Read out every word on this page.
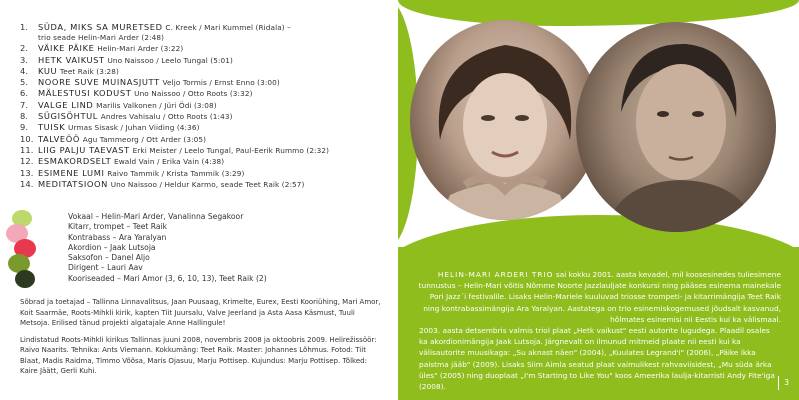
1.	SÜDA, MIKS SA MURETSED C. Kreek / Mari Kummel (Ridala) –
trio seade Helin-Mari Arder (2:48)
2.	VÄIKE PÄIKE Helin-Mari Arder (3:22)
3.	HETK VAIKUST Uno Naissoo / Leelo Tungal (5:01)
4.	KUU Teet Raik (3:28)
5.	NOORE SUVE MUINASJUTT Veljo Tormis / Ernst Enno (3:00)
6.	MÄLESTUSI KODUST Uno Naissoo / Otto Roots (3:32)
7.	VALGE LIND Marilis Valkonen / Jüri Ödi (3:08)
8.	SÜGISÖHTUL Andres Vahisalu / Otto Roots (1:43)
9.	TUISK Urmas Sisask / Juhan Viiding (4:36)
10. TALVEÖÖ Agu Tammeorg / Ott Arder (3:05)
11. LIIG PALJU TAEVAST Erki Meister / Leelo Tungal, Paul-Eerik Rummo (2:32)
12. ESMAKORDSELT Ewald Vain / Erika Vain (4:38)
13. ESIMENE LUMI Raivo Tammik / Krista Tammik (3:29)
14. MEDITATSIOON Uno Naissoo / Heldur Karmo, seade Teet Raik (2:57)
Vokaal – Helin-Mari Arder, Vanalinna Segakoor
Kitarr, trompet – Teet Raik
Kontrabass – Ara Yaralyan
Akordion – Jaak Lutsoja
Saksofon – Danel Aljo
Dirigent – Lauri Aav
Kooriseaded – Mari Amor (3, 6, 10, 13), Teet Raik (2)

Sõbrad ja toetajad – Tallinna Linnavalitsus, Jaan Puusaag, Krimelte, Eurex, Eesti Kooriühing, Mari Amor, Koit Saarmäe, Roots-Mihkli kirik, kapten Tiit Juursalu, Valve Jeerland ja Asta Aasa Käsmust, Tuuli Metsoja. Erilised tänud projekti algatajale Anne Hallingule!

Lindistatud Roots-Mihkli kirikus Tallinnas juuni 2008, novembris 2008 ja oktoobris 2009. Helirežissöör: Raivo Naarits. Tehnika: Ants Viemann. Kokkumäng: Teet Raik. Master: Johannes Lõhmus. Fotod: Tiit Blaat, Madis Raidma, Timmo Võõsa, Maris Ojasuu, Marju Pottisep. Kujundus: Marju Pottisep. Tõlked: Kaire Jäätt, Gerli Kuhi.

HELIN-MARI ARDERI TRIO sai kokku 2001. aasta kevadel, mil koosesinedes tuliesimene tunnustus – Helin-Mari võitis Nõmme Noorte Jazzlauljate konkursi ning pääses esinema mainekale Pori Jazz´i festivalile. Lisaks Helin-Mariele kuuluvad triosse trompeti- ja kitarrimängija Teet Raik ning kontrabassimängija Ara Yaralyan. Aastatega on trio esinemiskogemused jõudsalt kasvanud, hõlmates esinemisi nii Eestis kui ka välismaal.
2003. aasta detsembris valmis triol plaat „Hetk vaikust" eesti autorite lugudega. Plaadil osales ka akordionimängija Jaak Lutsoja. Järgnevalt on ilmunud mitmeid plaate nii eesti kui ka välisautorite muusikaga: „Su aknast näen" (2004), „Kuulates Legrand'i" (2006), „Päike ikka paistma jääb" (2009). Lisaks Siim Aimla seatud plaat vaimulikest rahvaviisidest, „Mu süda ärka üles" (2005) ning duoplaat „I'm Starting to Like You" koos Ameerika laulja-kitarristi Andy Fite'iga (2008).	3
